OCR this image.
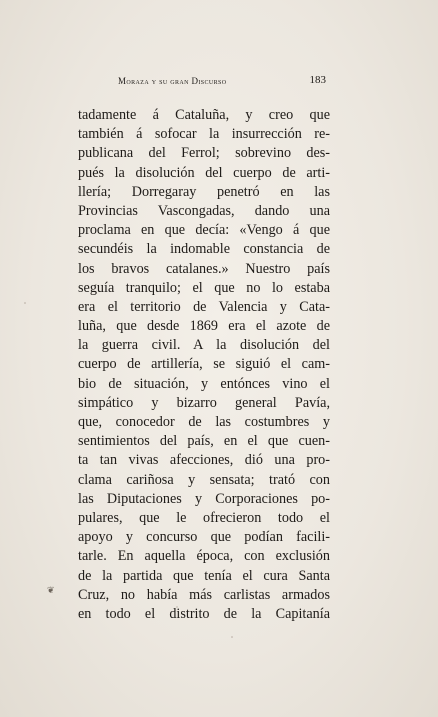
Moraza y su gran Discurso	183
tadamente á Cataluña, y creo que
también á sofocar la insurrección re-
publicana del Ferrol; sobrevino des-
pués la disolución del cuerpo de arti-
llería; Dorregaray penetró en las
Provincias Vascongadas, dando una
proclama en que decía: «Vengo á que
secundéis la indomable constancia de
los bravos catalanes.» Nuestro país
seguía tranquilo; el que no lo estaba
era el territorio de Valencia y Cata-
luña, que desde 1869 era el azote de
la guerra civil. A la disolución del
cuerpo de artillería, se siguió el cam-
bio de situación, y entónces vino el
simpático y bizarro general Pavía,
que, conocedor de las costumbres y
sentimientos del país, en el que cuen-
ta tan vivas afecciones, dió una pro-
clama cariñosa y sensata; trató con
las Diputaciones y Corporaciones po-
pulares, que le ofrecieron todo el
apoyo y concurso que podían facili-
tarle. En aquella época, con exclusión
de la partida que tenía el cura Santa
Cruz, no había más carlistas armados
en todo el distrito de la Capitanía
❦
